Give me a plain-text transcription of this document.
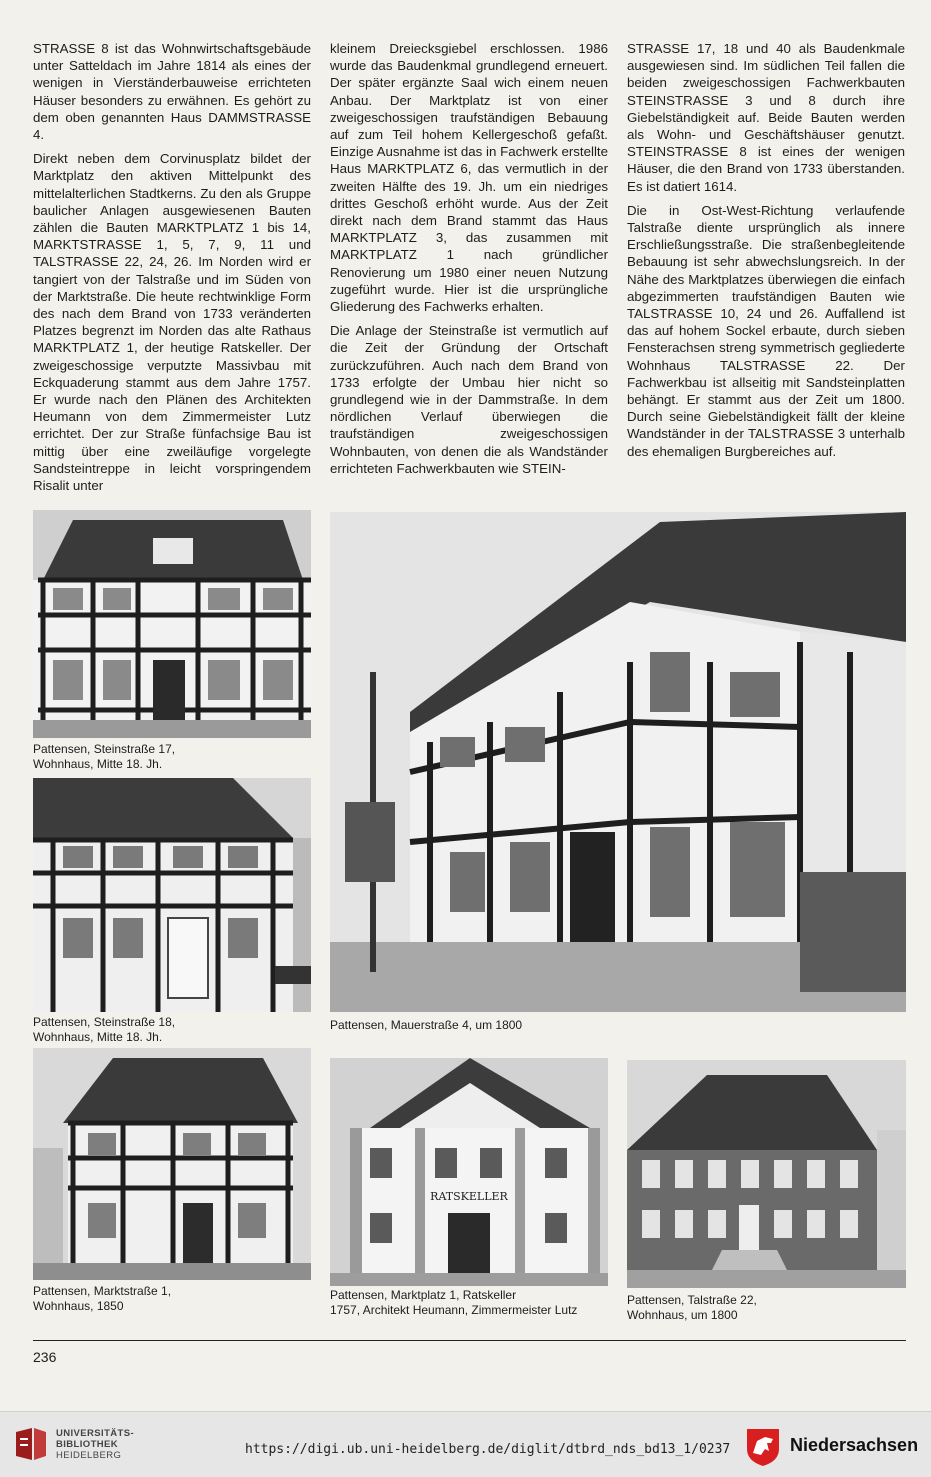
STRASSE 8 ist das Wohnwirtschaftsgebäude unter Satteldach im Jahre 1814 als eines der wenigen in Vierständerbauweise errichteten Häuser besonders zu erwähnen. Es gehört zu dem oben genannten Haus DAMMSTRASSE 4.

Direkt neben dem Corvinusplatz bildet der Marktplatz den aktiven Mittelpunkt des mittelalterlichen Stadtkerns. Zu den als Gruppe baulicher Anlagen ausgewiesenen Bauten zählen die Bauten MARKTPLATZ 1 bis 14, MARKTSTRASSE 1, 5, 7, 9, 11 und TALSTRASSE 22, 24, 26. Im Norden wird er tangiert von der Talstraße und im Süden von der Marktstraße. Die heute rechtwinklige Form des nach dem Brand von 1733 veränderten Platzes begrenzt im Norden das alte Rathaus MARKTPLATZ 1, der heutige Ratskeller. Der zweigeschossige verputzte Massivbau mit Eckquaderung stammt aus dem Jahre 1757. Er wurde nach den Plänen des Architekten Heumann von dem Zimmermeister Lutz errichtet. Der zur Straße fünfachsige Bau ist mittig über eine zweiläufige vorgelegte Sandsteintreppe in leicht vorspringendem Risalit unter

kleinem Dreiecksgiebel erschlossen. 1986 wurde das Baudenkmal grundlegend erneuert. Der später ergänzte Saal wich einem neuen Anbau. Der Marktplatz ist von einer zweigeschossigen traufständigen Bebauung auf zum Teil hohem Kellergeschoß gefaßt. Einzige Ausnahme ist das in Fachwerk erstellte Haus MARKTPLATZ 6, das vermutlich in der zweiten Hälfte des 19. Jh. um ein niedriges drittes Geschoß erhöht wurde. Aus der Zeit direkt nach dem Brand stammt das Haus MARKTPLATZ 3, das zusammen mit MARKTPLATZ 1 nach gründlicher Renovierung um 1980 einer neuen Nutzung zugeführt wurde. Hier ist die ursprüngliche Gliederung des Fachwerks erhalten.

Die Anlage der Steinstraße ist vermutlich auf die Zeit der Gründung der Ortschaft zurückzuführen. Auch nach dem Brand von 1733 erfolgte der Umbau hier nicht so grundlegend wie in der Dammstraße. In dem nördlichen Verlauf überwiegen die traufständigen zweigeschossigen Wohnbauten, von denen die als Wandständer errichteten Fachwerkbauten wie STEIN-

STRASSE 17, 18 und 40 als Baudenkmale ausgewiesen sind. Im südlichen Teil fallen die beiden zweigeschossigen Fachwerkbauten STEINSTRASSE 3 und 8 durch ihre Giebelständigkeit auf. Beide Bauten werden als Wohn- und Geschäftshäuser genutzt. STEINSTRASSE 8 ist eines der wenigen Häuser, die den Brand von 1733 überstanden. Es ist datiert 1614.

Die in Ost-West-Richtung verlaufende Talstraße diente ursprünglich als innere Erschließungsstraße. Die straßenbegleitende Bebauung ist sehr abwechslungsreich. In der Nähe des Marktplatzes überwiegen die einfach abgezimmerten traufständigen Bauten wie TALSTRASSE 10, 24 und 26. Auffallend ist das auf hohem Sockel erbaute, durch sieben Fensterachsen streng symmetrisch gegliederte Wohnhaus TALSTRASSE 22. Der Fachwerkbau ist allseitig mit Sandsteinplatten behängt. Er stammt aus der Zeit um 1800. Durch seine Giebelständigkeit fällt der kleine Wandständer in der TALSTRASSE 3 unterhalb des ehemaligen Burgbereiches auf.

Pattensen, Steinstraße 17,
Wohnhaus, Mitte 18. Jh.
Pattensen, Steinstraße 18,
Wohnhaus, Mitte 18. Jh.
Pattensen, Mauerstraße 4, um 1800
Pattensen, Marktstraße 1,
Wohnhaus, 1850
RATSKELLER
Pattensen, Marktplatz 1, Ratskeller
1757, Architekt Heumann, Zimmermeister Lutz
Pattensen, Talstraße 22,
Wohnhaus, um 1800
236
UNIVERSITÄTS-
BIBLIOTHEK
HEIDELBERG	https://digi.ub.uni-heidelberg.de/diglit/dtbrd_nds_bd13_1/0237	Niedersachsen
